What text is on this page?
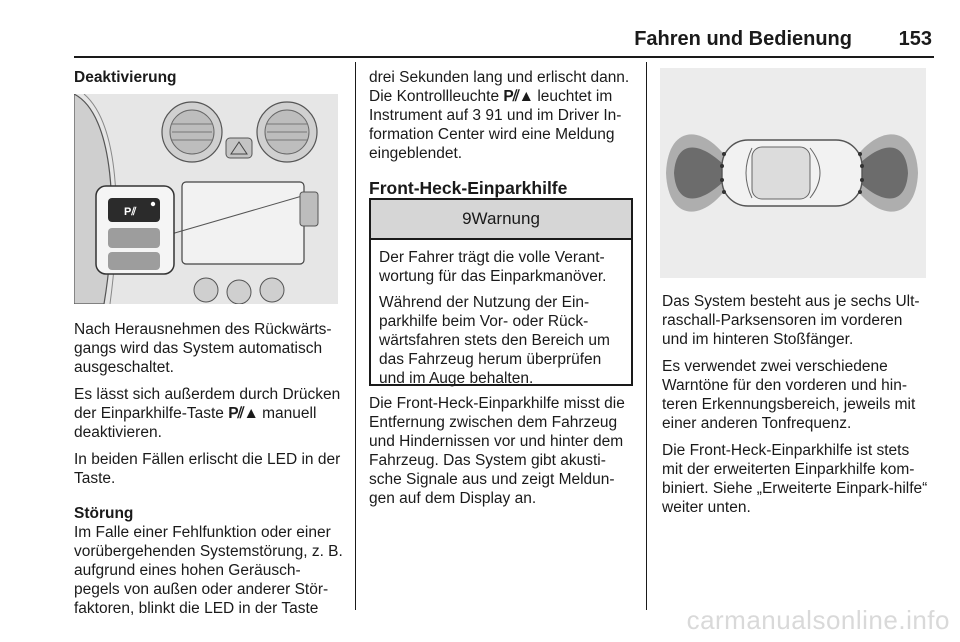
Fahren und Bedienung	153
Deaktivierung
P⫽

Nach Herausnehmen des Rückwärts-gangs wird das System automatisch ausgeschaltet.

Es lässt sich außerdem durch Drücken der Einparkhilfe-Taste P⫽▲ manuell deaktivieren.

In beiden Fällen erlischt die LED in der Taste.

Störung

Im Falle einer Fehlfunktion oder einer vorübergehenden Systemstörung, z. B. aufgrund eines hohen Geräusch-pegels von außen oder anderer Stör-faktoren, blinkt die LED in der Taste

drei Sekunden lang und erlischt dann.

Die Kontrollleuchte P⫽▲ leuchtet im Instrument auf 3 91 und im Driver In-formation Center wird eine Meldung eingeblendet.

Front-Heck-Einparkhilfe
9 Warnung

Der Fahrer trägt die volle Verant-wortung für das Einparkmanöver.

Während der Nutzung der Ein-parkhilfe beim Vor- oder Rück-wärtsfahren stets den Bereich um das Fahrzeug herum überprüfen und im Auge behalten.

Die Front-Heck-Einparkhilfe misst die Entfernung zwischen dem Fahrzeug und Hindernissen vor und hinter dem Fahrzeug. Das System gibt akusti-sche Signale aus und zeigt Meldun-gen auf dem Display an.

Das System besteht aus je sechs Ult-raschall-Parksensoren im vorderen und im hinteren Stoßfänger.

Es verwendet zwei verschiedene Warntöne für den vorderen und hin-teren Erkennungsbereich, jeweils mit einer anderen Tonfrequenz.

Die Front-Heck-Einparkhilfe ist stets mit der erweiterten Einparkhilfe kom-biniert. Siehe „Erweiterte Einpark-hilfe“ weiter unten.

carmanualsonline.info
